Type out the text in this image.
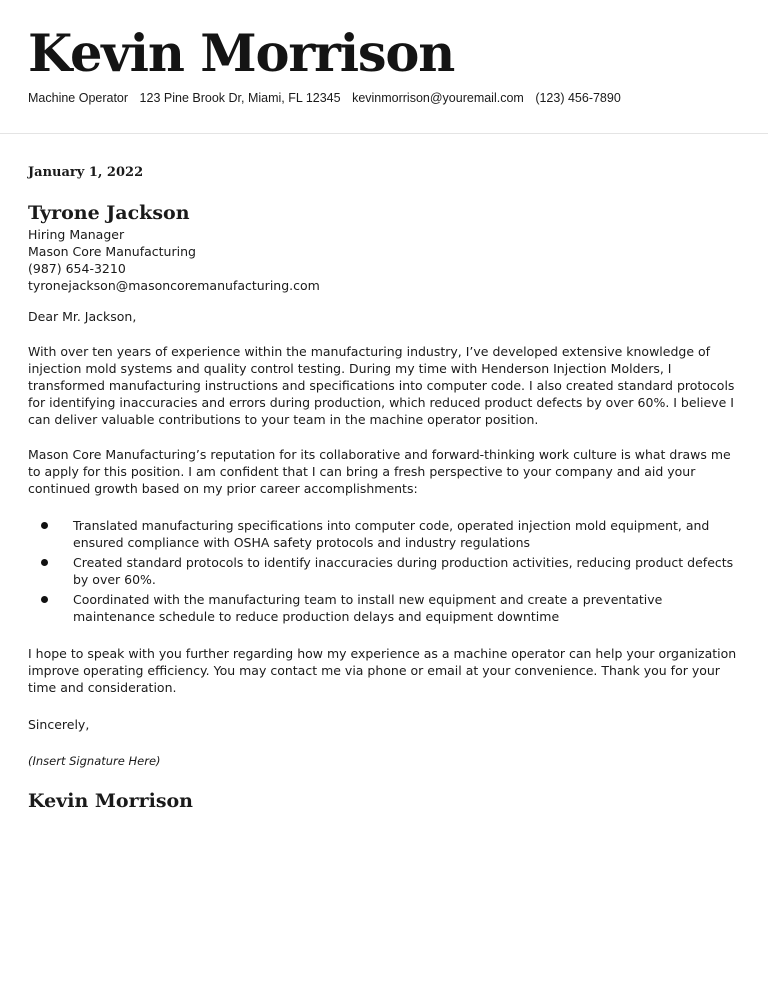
Kevin Morrison
Machine Operator 123 Pine Brook Dr, Miami, FL 12345 kevinmorrison@youremail.com (123) 456-7890
January 1, 2022
Tyrone Jackson
Hiring Manager
Mason Core Manufacturing
(987) 654-3210
tyronejackson@masoncoremanufacturing.com
Dear Mr. Jackson,
With over ten years of experience within the manufacturing industry, I’ve developed extensive knowledge of injection mold systems and quality control testing. During my time with Henderson Injection Molders, I transformed manufacturing instructions and specifications into computer code. I also created standard protocols for identifying inaccuracies and errors during production, which reduced product defects by over 60%. I believe I can deliver valuable contributions to your team in the machine operator position.
Mason Core Manufacturing’s reputation for its collaborative and forward-thinking work culture is what draws me to apply for this position. I am confident that I can bring a fresh perspective to your company and aid your continued growth based on my prior career accomplishments:
Translated manufacturing specifications into computer code, operated injection mold equipment, and ensured compliance with OSHA safety protocols and industry regulations
Created standard protocols to identify inaccuracies during production activities, reducing product defects by over 60%.
Coordinated with the manufacturing team to install new equipment and create a preventative maintenance schedule to reduce production delays and equipment downtime
I hope to speak with you further regarding how my experience as a machine operator can help your organization improve operating efficiency. You may contact me via phone or email at your convenience. Thank you for your time and consideration.
Sincerely,
(Insert Signature Here)
Kevin Morrison
